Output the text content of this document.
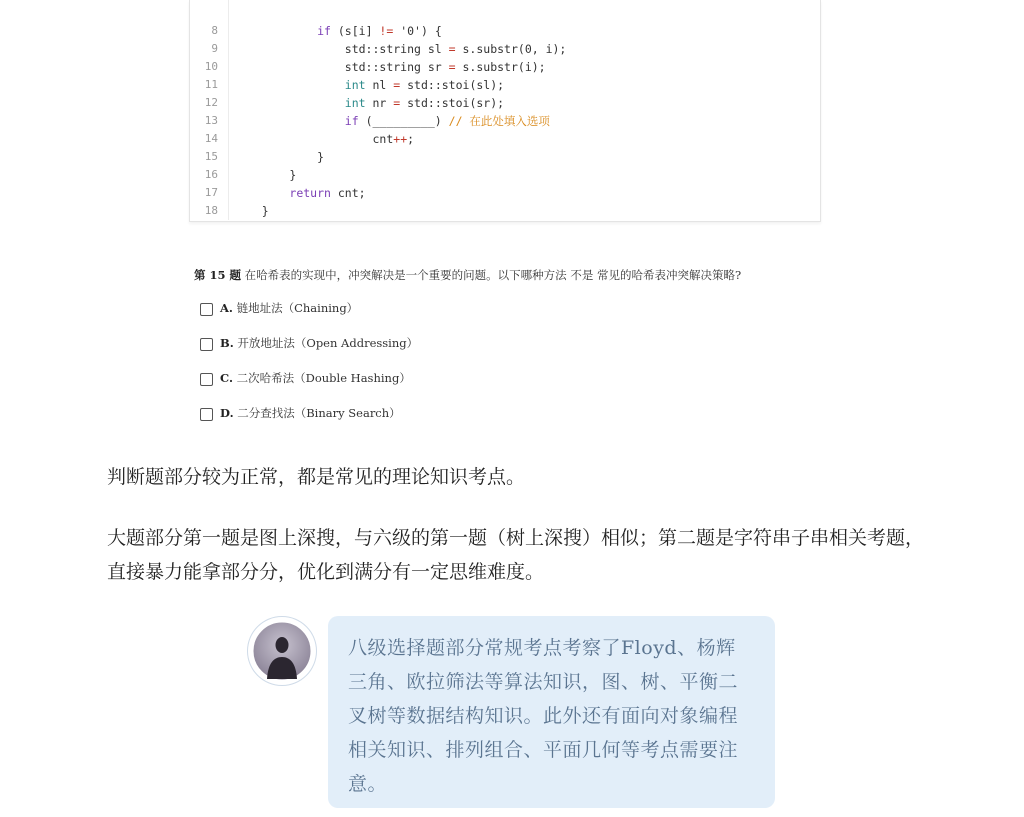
8	if (s[i] != '0') {
9	std::string sl = s.substr(0, i);
10	std::string sr = s.substr(i);
11	int nl = std::stoi(sl);
12	int nr = std::stoi(sr);
13	if (_________) // 在此处填入选项
14	cnt++;
15	}
16	}
17	return cnt;
18	}
第 15 题 在哈希表的实现中，冲突解决是一个重要的问题。以下哪种方法 不是 常见的哈希表冲突解决策略?
A. 链地址法（Chaining）
B. 开放地址法（Open Addressing）
C. 二次哈希法（Double Hashing）
D. 二分查找法（Binary Search）

判断题部分较为正常，都是常见的理论知识考点。

大题部分第一题是图上深搜，与六级的第一题（树上深搜）相似；第二题是字符串子串相关考题，直接暴力能拿部分分，优化到满分有一定思维难度。

八级选择题部分常规考点考察了Floyd、杨辉三角、欧拉筛法等算法知识，图、树、平衡二叉树等数据结构知识。此外还有面向对象编程相关知识、排列组合、平面几何等考点需要注意。
